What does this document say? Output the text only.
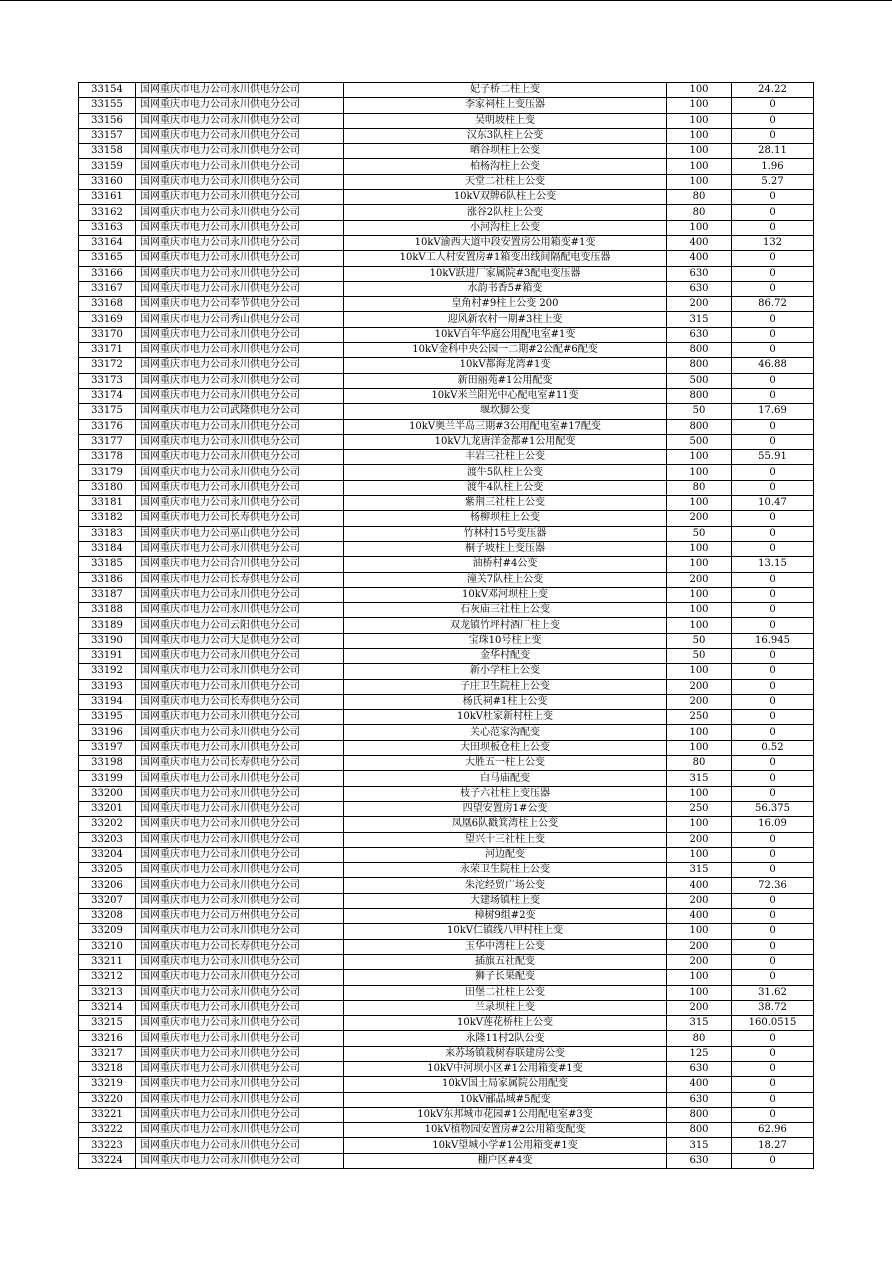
33154	国网重庆市电力公司永川供电分公司	妃子桥二柱上变	100	24.22
33155	国网重庆市电力公司永川供电分公司	李家祠柱上变压器	100	0
33156	国网重庆市电力公司永川供电分公司	吴明坡柱上变	100	0
33157	国网重庆市电力公司永川供电分公司	汉东3队柱上公变	100	0
33158	国网重庆市电力公司永川供电分公司	晒谷坝柱上公变	100	28.11
33159	国网重庆市电力公司永川供电分公司	柏杨沟柱上公变	100	1.96
33160	国网重庆市电力公司永川供电分公司	天堂二社柱上公变	100	5.27
33161	国网重庆市电力公司永川供电分公司	10kV双牌6队柱上公变	80	0
33162	国网重庆市电力公司永川供电分公司	涨谷2队柱上公变	80	0
33163	国网重庆市电力公司永川供电分公司	小河沟柱上公变	100	0
33164	国网重庆市电力公司永川供电分公司	10kV渝西大道中段安置房公用箱变#1变	400	132
33165	国网重庆市电力公司永川供电分公司	10kV工人村安置房#1箱变出线间隔配电变压器	400	0
33166	国网重庆市电力公司永川供电分公司	10kV跃进厂家属院#3配电变压器	630	0
33167	国网重庆市电力公司永川供电分公司	水韵书香5#箱变	630	0
33168	国网重庆市电力公司奉节供电分公司	皇角村#9柱上公变 200	200	86.72
33169	国网重庆市电力公司秀山供电分公司	迎风新农村一期#3柱上变	315	0
33170	国网重庆市电力公司永川供电分公司	10kV百年华庭公用配电室#1变	630	0
33171	国网重庆市电力公司永川供电分公司	10kV金科中央公园一二期#2公配#6配变	800	0
33172	国网重庆市电力公司永川供电分公司	10kV都海龙湾#1变	800	46.88
33173	国网重庆市电力公司永川供电分公司	新田丽苑#1公用配变	500	0
33174	国网重庆市电力公司永川供电分公司	10kV米兰阳光中心配电室#11变	800	0
33175	国网重庆市电力公司武隆供电分公司	堰坎脚公变	50	17.69
33176	国网重庆市电力公司永川供电分公司	10kV奥兰半岛三期#3公用配电室#17配变	800	0
33177	国网重庆市电力公司永川供电分公司	10kV九龙唐洋金都#1公用配变	500	0
33178	国网重庆市电力公司永川供电分公司	丰岩三社柱上公变	100	55.91
33179	国网重庆市电力公司永川供电分公司	渡牛5队柱上公变	100	0
33180	国网重庆市电力公司永川供电分公司	渡牛4队柱上公变	80	0
33181	国网重庆市电力公司永川供电分公司	紫荆三社柱上公变	100	10.47
33182	国网重庆市电力公司长寿供电分公司	杨柳坝柱上公变	200	0
33183	国网重庆市电力公司巫山供电分公司	竹林村15号变压器	50	0
33184	国网重庆市电力公司永川供电分公司	桐子坡柱上变压器	100	0
33185	国网重庆市电力公司合川供电分公司	油桥村#4公变	100	13.15
33186	国网重庆市电力公司长寿供电分公司	潼关7队柱上公变	200	0
33187	国网重庆市电力公司永川供电分公司	10kV邓河坝柱上变	100	0
33188	国网重庆市电力公司永川供电分公司	石灰庙三社柱上公变	100	0
33189	国网重庆市电力公司云阳供电分公司	双龙镇竹坪村酒厂柱上变	100	0
33190	国网重庆市电力公司大足供电分公司	宝珠10号柱上变	50	16.945
33191	国网重庆市电力公司永川供电分公司	金华村配变	50	0
33192	国网重庆市电力公司永川供电分公司	新小学柱上公变	100	0
33193	国网重庆市电力公司永川供电分公司	子庄卫生院柱上公变	200	0
33194	国网重庆市电力公司长寿供电分公司	杨氏祠#1柱上公变	200	0
33195	国网重庆市电力公司永川供电分公司	10kV杜家新村柱上变	250	0
33196	国网重庆市电力公司永川供电分公司	关心范家沟配变	100	0
33197	国网重庆市电力公司永川供电分公司	大田坝板仓柱上公变	100	0.52
33198	国网重庆市电力公司长寿供电分公司	大胜五一柱上公变	80	0
33199	国网重庆市电力公司永川供电分公司	白马庙配变	315	0
33200	国网重庆市电力公司永川供电分公司	枝子六社柱上变压器	100	0
33201	国网重庆市电力公司永川供电分公司	四望安置房1#公变	250	56.375
33202	国网重庆市电力公司永川供电分公司	凤凰6队戳箕湾柱上公变	100	16.09
33203	国网重庆市电力公司永川供电分公司	望兴十三社柱上变	200	0
33204	国网重庆市电力公司永川供电分公司	河边配变	100	0
33205	国网重庆市电力公司永川供电分公司	永荣卫生院柱上公变	315	0
33206	国网重庆市电力公司永川供电分公司	朱沱经贸广场公变	400	72.36
33207	国网重庆市电力公司永川供电分公司	大建场镇柱上变	200	0
33208	国网重庆市电力公司万州供电分公司	樟树9组#2变	400	0
33209	国网重庆市电力公司永川供电分公司	10kV仁镇线八甲村柱上变	100	0
33210	国网重庆市电力公司长寿供电分公司	玉华中湾柱上公变	200	0
33211	国网重庆市电力公司永川供电分公司	插旗五社配变	200	0
33212	国网重庆市电力公司永川供电分公司	狮子长果配变	100	0
33213	国网重庆市电力公司永川供电分公司	田堡二社柱上公变	100	31.62
33214	国网重庆市电力公司永川供电分公司	兰录坝柱上变	200	38.72
33215	国网重庆市电力公司永川供电分公司	10kV莲花桥柱上公变	315	160.0515
33216	国网重庆市电力公司永川供电分公司	永隆11村2队公变	80	0
33217	国网重庆市电力公司永川供电分公司	来苏场镇栽树春联建房公变	125	0
33218	国网重庆市电力公司永川供电分公司	10kV中河坝小区#1公用箱变#1变	630	0
33219	国网重庆市电力公司永川供电分公司	10kV国土局家属院公用配变	400	0
33220	国网重庆市电力公司永川供电分公司	10kV郦晶城#5配变	630	0
33221	国网重庆市电力公司永川供电分公司	10kV东邦城市花园#1公用配电室#3变	800	0
33222	国网重庆市电力公司永川供电分公司	10kV植物园安置房#2公用箱变配变	800	62.96
33223	国网重庆市电力公司永川供电分公司	10kV望城小学#1公用箱变#1变	315	18.27
33224	国网重庆市电力公司永川供电分公司	棚户区#4变	630	0
